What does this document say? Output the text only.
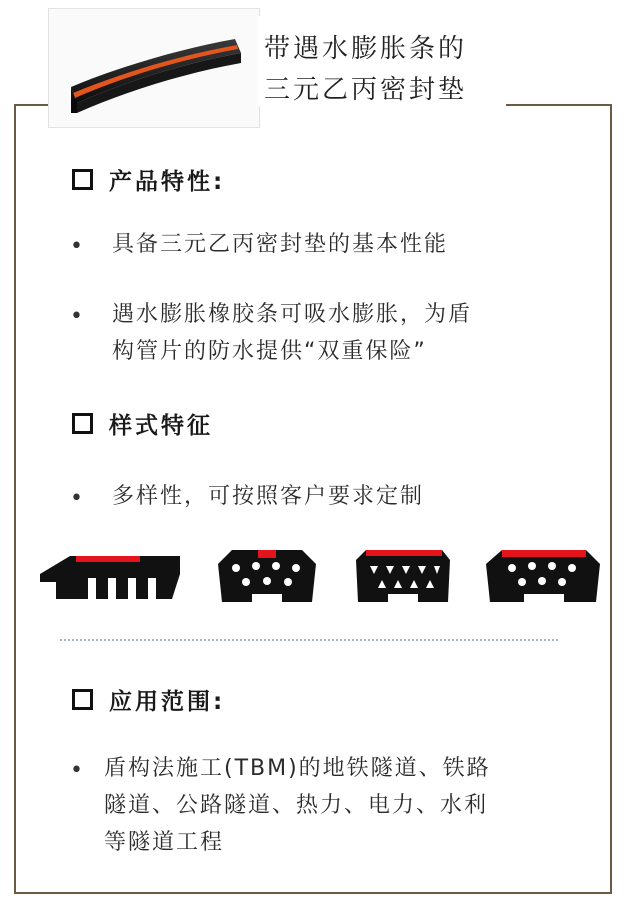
带遇水膨胀条的
三元乙丙密封垫
产品特性:
• 具备三元乙丙密封垫的基本性能
• 遇水膨胀橡胶条可吸水膨胀，为盾
构管片的防水提供“双重保险”
样式特征
• 多样性，可按照客户要求定制
应用范围:
• 盾构法施工(TBM)的地铁隧道、铁路
隧道、公路隧道、热力、电力、水利
等隧道工程
